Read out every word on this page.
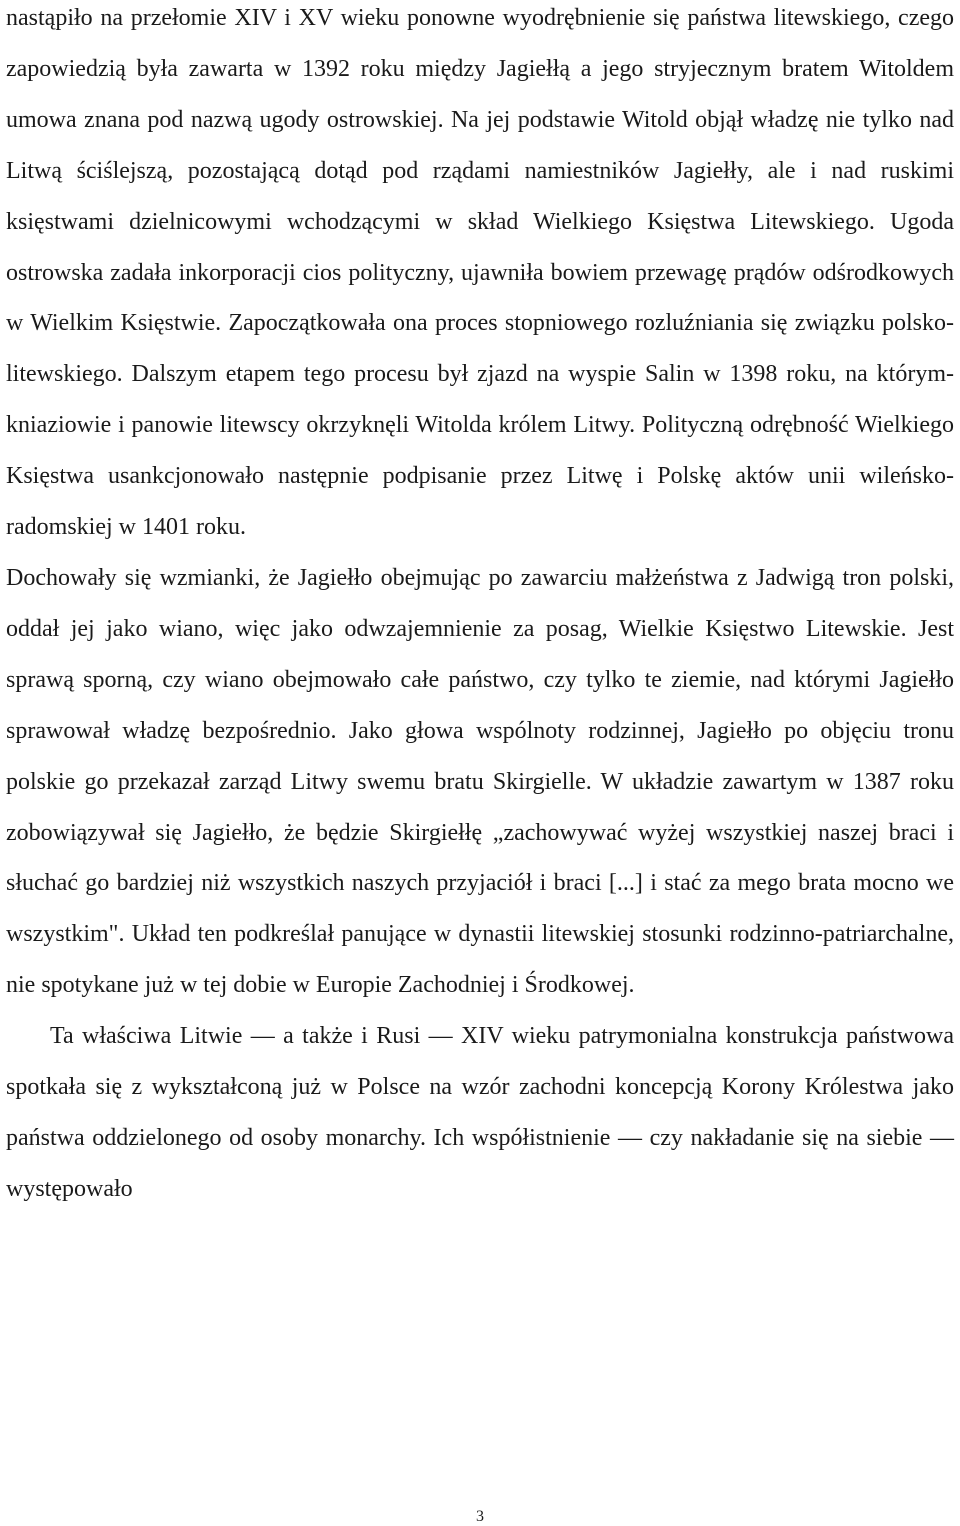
nastąpiło na przełomie XIV i XV wieku ponowne wyodrębnienie się państwa litewskiego, czego zapowiedzią była zawarta w 1392 roku między Jagiełłą a jego stryjecznym bratem Witoldem umowa znana pod nazwą ugody ostrowskiej. Na jej podstawie Witold objął władzę nie tylko nad Litwą ściślejszą, pozostającą dotąd pod rządami namiestników Jagiełły, ale i nad ruskimi księstwami dzielnicowymi wchodzącymi w skład Wielkiego Księstwa Litewskiego. Ugoda ostrowska zadała inkorporacji cios polityczny, ujawniła bowiem przewagę prądów odśrodkowych w Wielkim Księstwie. Zapoczątkowała ona proces stopniowego rozluźniania się związku polsko-litewskiego. Dalszym etapem tego procesu był zjazd na wyspie Salin w 1398 roku, na którym- kniaziowie i panowie litewscy okrzyknęli Witolda królem Litwy. Polityczną odrębność Wielkiego Księstwa usankcjonowało następnie podpisanie przez Litwę i Polskę aktów unii wileńsko-radomskiej w 1401 roku.

Dochowały się wzmianki, że Jagiełło obejmując po zawarciu małżeństwa z Jadwigą tron polski, oddał jej jako wiano, więc jako odwzajemnienie za posag, Wielkie Księstwo Litewskie. Jest sprawą sporną, czy wiano obejmowało całe państwo, czy tylko te ziemie, nad którymi Jagiełło sprawował władzę bezpośrednio. Jako głowa wspólnoty rodzinnej, Jagiełło po objęciu tronu polskie go przekazał zarząd Litwy swemu bratu Skirgielle. W układzie zawartym w 1387 roku zobowiązywał się Jagiełło, że będzie Skirgiełłę „zachowywać wyżej wszystkiej naszej braci i słuchać go bardziej niż wszystkich naszych przyjaciół i braci [...] i stać za mego brata mocno we wszystkim". Układ ten podkreślał panujące w dynastii litewskiej stosunki rodzinno-patriarchalne, nie spotykane już w tej dobie w Europie Zachodniej i Środkowej.

Ta właściwa Litwie — a także i Rusi — XIV wieku patrymonialna konstrukcja państwowa spotkała się z wykształconą już w Polsce na wzór zachodni koncepcją Korony Królestwa jako państwa oddzielonego od osoby monarchy. Ich współistnienie — czy nakładanie się na siebie — występowało

3
